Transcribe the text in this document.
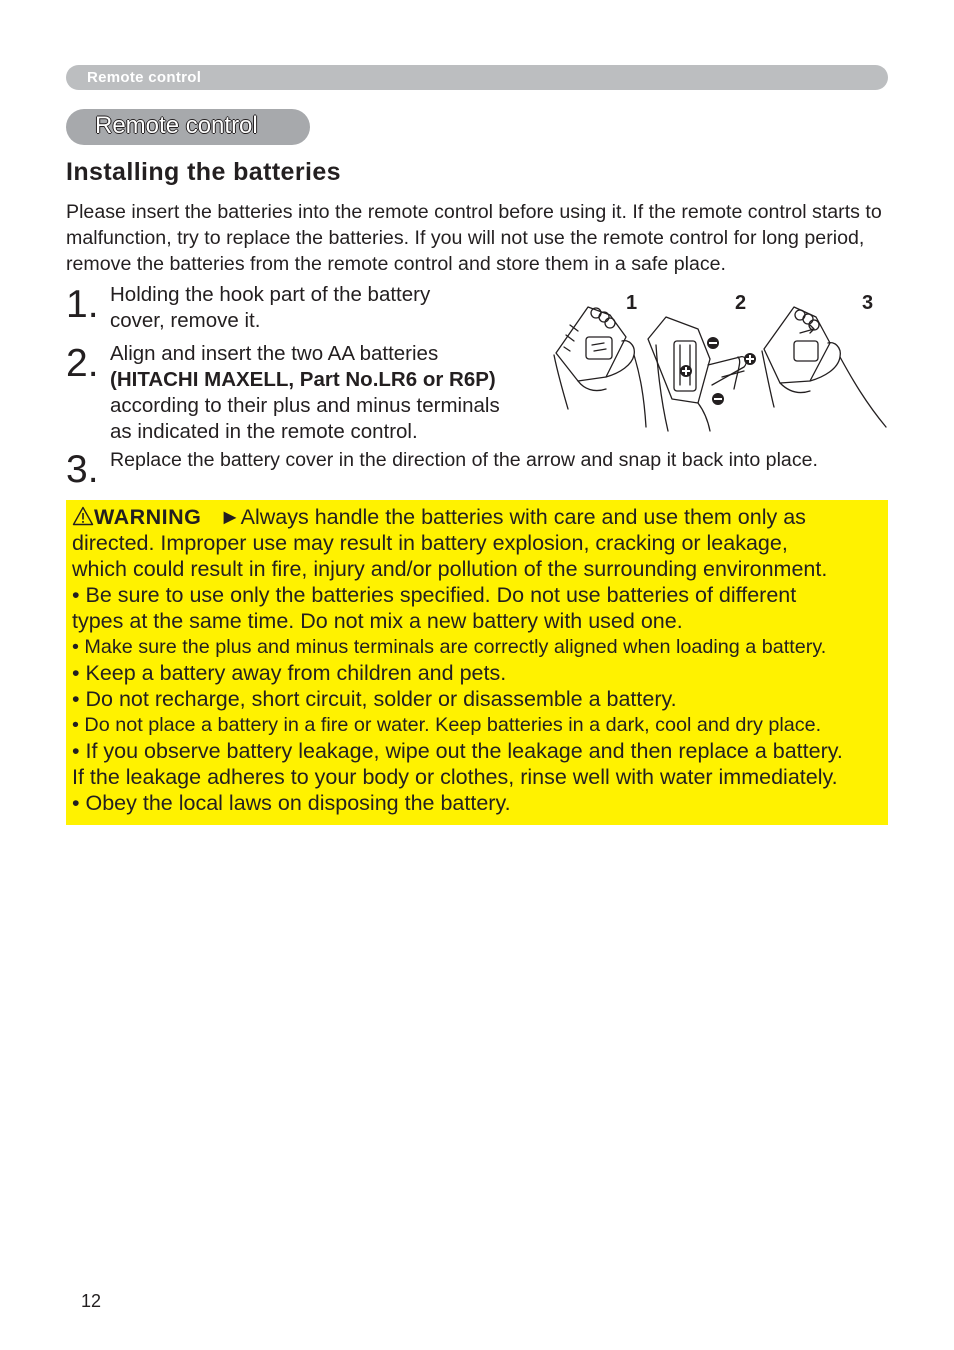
Remote control
Remote control
Installing the batteries
Please insert the batteries into the remote control before using it. If the remote control starts to malfunction, try to replace the batteries. If you will not use the remote control for long period, remove the batteries from the remote control and store them in a safe place.
1. Holding the hook part of the battery
cover, remove it.
2. Align and insert the two AA batteries
(HITACHI MAXELL, Part No.LR6 or R6P)
according to their plus and minus terminals
as indicated in the remote control.
3. Replace the battery cover in the direction of the arrow and snap it back into place.
1	2	3
WARNING ►Always handle the batteries with care and use them only as
directed. Improper use may result in battery explosion, cracking or leakage,
which could result in fire, injury and/or pollution of the surrounding environment.
• Be sure to use only the batteries specified. Do not use batteries of different
types at the same time. Do not mix a new battery with used one.
• Make sure the plus and minus terminals are correctly aligned when loading a battery.
• Keep a battery away from children and pets.
• Do not recharge, short circuit, solder or disassemble a battery.
• Do not place a battery in a fire or water. Keep batteries in a dark, cool and dry place.
• If you observe battery leakage, wipe out the leakage and then replace a battery.
If the leakage adheres to your body or clothes, rinse well with water immediately.
• Obey the local laws on disposing the battery.
12
